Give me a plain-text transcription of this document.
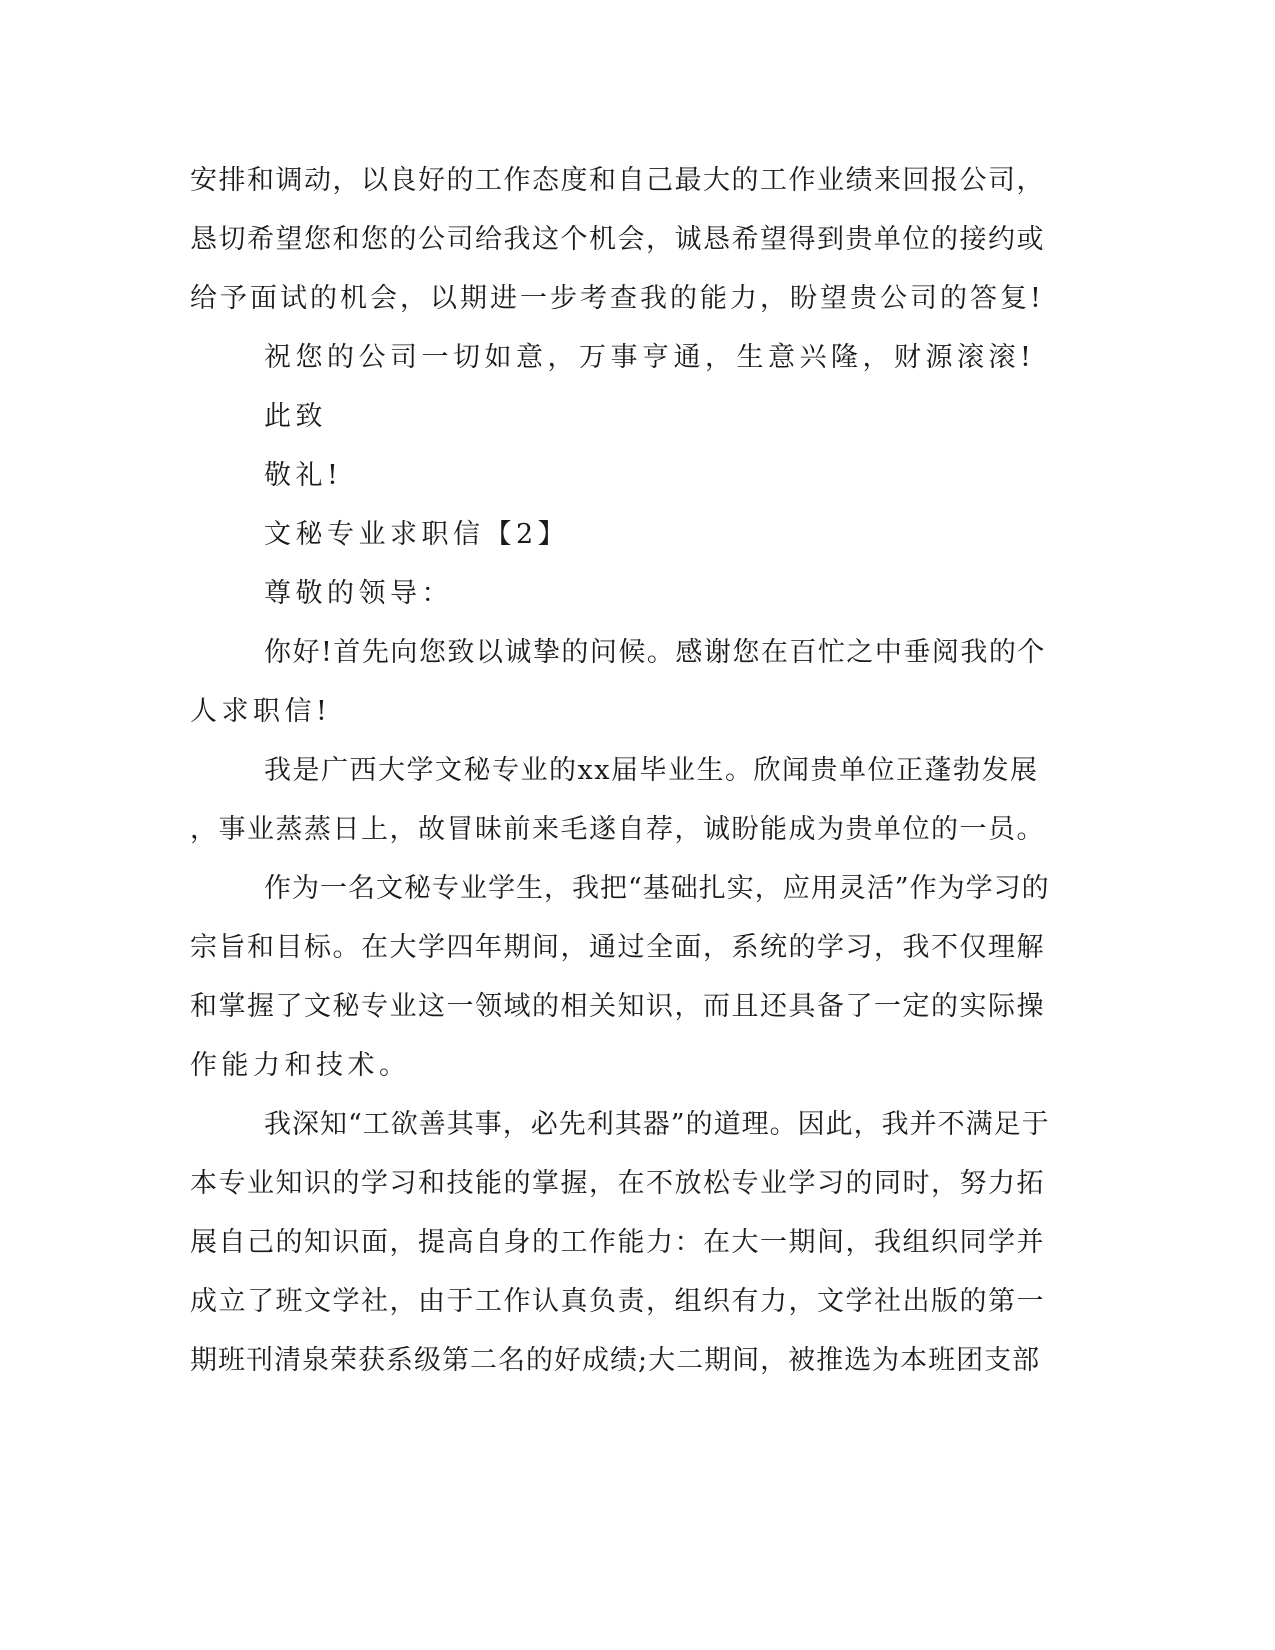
安排和调动，以良好的工作态度和自己最大的工作业绩来回报公司，
恳切希望您和您的公司给我这个机会，诚恳希望得到贵单位的接约或
给予面试的机会，以期进一步考查我的能力，盼望贵公司的答复!
祝您的公司一切如意，万事亨通，生意兴隆，财源滚滚!
此致
敬礼!
文秘专业求职信【2】
尊敬的领导：
你好!首先向您致以诚挚的问候。感谢您在百忙之中垂阅我的个
人求职信!
我是广西大学文秘专业的xx届毕业生。欣闻贵单位正蓬勃发展
，事业蒸蒸日上，故冒昧前来毛遂自荐，诚盼能成为贵单位的一员。
作为一名文秘专业学生，我把“基础扎实，应用灵活”作为学习的
宗旨和目标。在大学四年期间，通过全面，系统的学习，我不仅理解
和掌握了文秘专业这一领域的相关知识，而且还具备了一定的实际操
作能力和技术。
我深知“工欲善其事，必先利其器”的道理。因此，我并不满足于
本专业知识的学习和技能的掌握，在不放松专业学习的同时，努力拓
展自己的知识面，提高自身的工作能力：在大一期间，我组织同学并
成立了班文学社，由于工作认真负责，组织有力，文学社出版的第一
期班刊清泉荣获系级第二名的好成绩;大二期间，被推选为本班团支部
